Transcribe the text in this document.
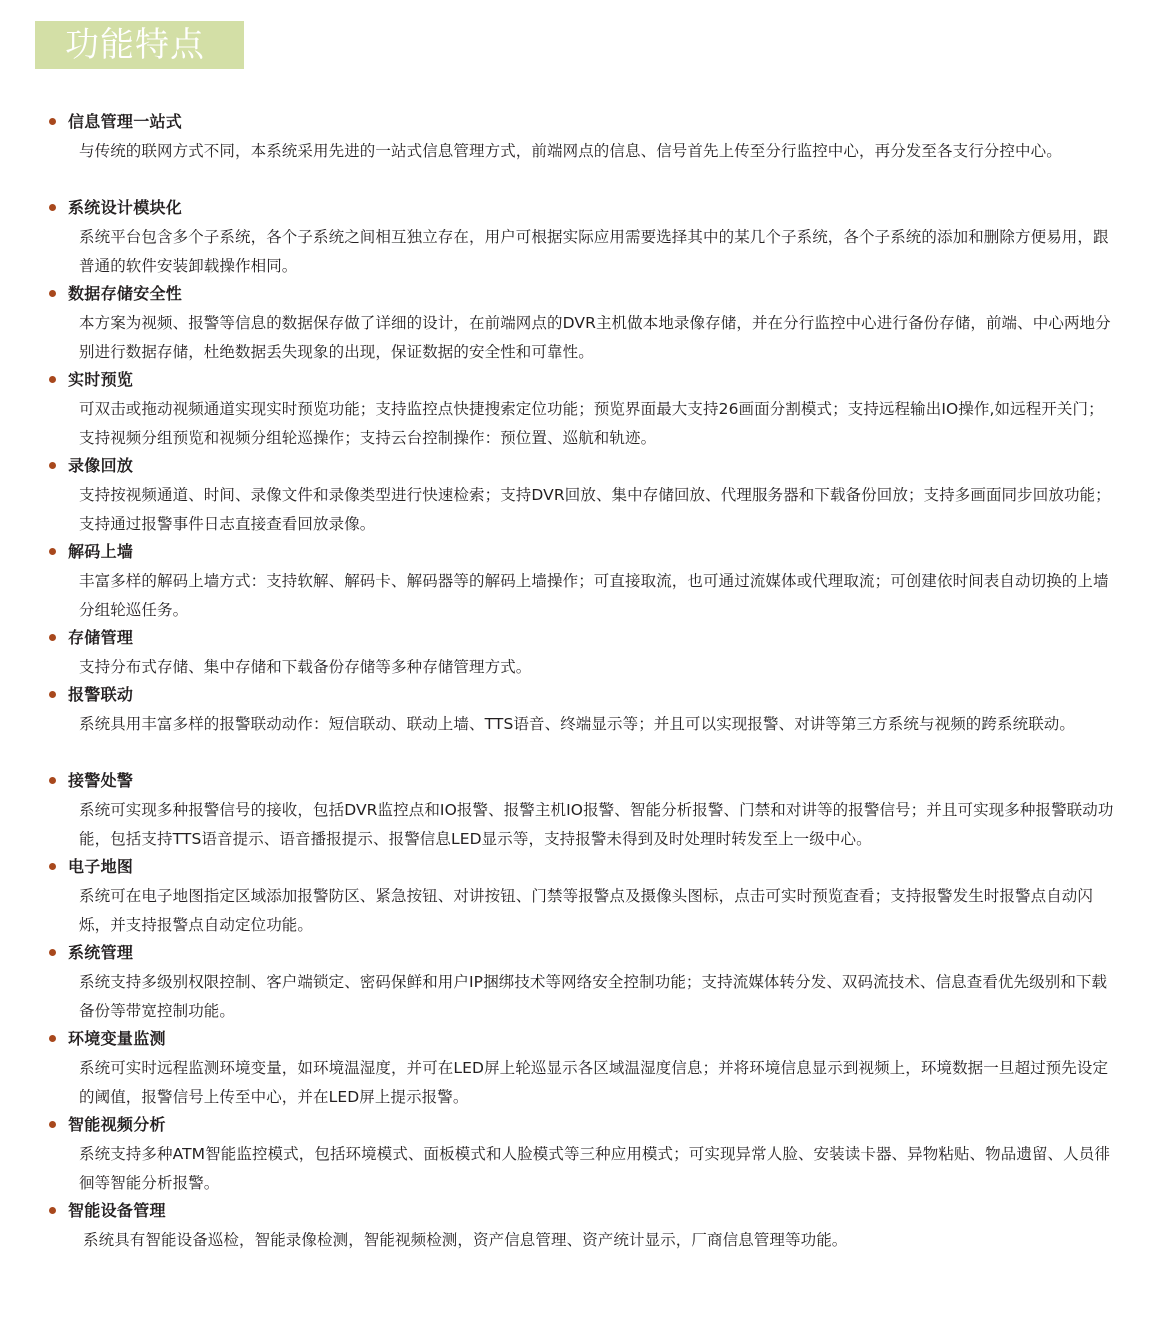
功能特点
信息管理一站式

与传统的联网方式不同，本系统采用先进的一站式信息管理方式，前端网点的信息、信号首先上传至分行监控中心，再分发至各支行分控中心。

系统设计模块化

系统平台包含多个子系统，各个子系统之间相互独立存在，用户可根据实际应用需要选择其中的某几个子系统，各个子系统的添加和删除方便易用，跟普通的软件安装卸载操作相同。

数据存储安全性

本方案为视频、报警等信息的数据保存做了详细的设计，在前端网点的DVR主机做本地录像存储，并在分行监控中心进行备份存储，前端、中心两地分别进行数据存储，杜绝数据丢失现象的出现，保证数据的安全性和可靠性。

实时预览

可双击或拖动视频通道实现实时预览功能；支持监控点快捷搜索定位功能；预览界面最大支持26画面分割模式；支持远程输出IO操作,如远程开关门；支持视频分组预览和视频分组轮巡操作；支持云台控制操作：预位置、巡航和轨迹。

录像回放

支持按视频通道、时间、录像文件和录像类型进行快速检索；支持DVR回放、集中存储回放、代理服务器和下载备份回放；支持多画面同步回放功能；支持通过报警事件日志直接查看回放录像。

解码上墙

丰富多样的解码上墙方式：支持软解、解码卡、解码器等的解码上墙操作；可直接取流，也可通过流媒体或代理取流；可创建依时间表自动切换的上墙分组轮巡任务。

存储管理

支持分布式存储、集中存储和下载备份存储等多种存储管理方式。

报警联动

系统具用丰富多样的报警联动动作：短信联动、联动上墙、TTS语音、终端显示等；并且可以实现报警、对讲等第三方系统与视频的跨系统联动。

接警处警

系统可实现多种报警信号的接收，包括DVR监控点和IO报警、报警主机IO报警、智能分析报警、门禁和对讲等的报警信号；并且可实现多种报警联动功能，包括支持TTS语音提示、语音播报提示、报警信息LED显示等，支持报警未得到及时处理时转发至上一级中心。

电子地图

系统可在电子地图指定区域添加报警防区、紧急按钮、对讲按钮、门禁等报警点及摄像头图标，点击可实时预览查看；支持报警发生时报警点自动闪烁，并支持报警点自动定位功能。

系统管理

系统支持多级别权限控制、客户端锁定、密码保鲜和用户IP捆绑技术等网络安全控制功能；支持流媒体转分发、双码流技术、信息查看优先级别和下载备份等带宽控制功能。

环境变量监测

系统可实时远程监测环境变量，如环境温湿度，并可在LED屏上轮巡显示各区域温湿度信息；并将环境信息显示到视频上，环境数据一旦超过预先设定的阈值，报警信号上传至中心，并在LED屏上提示报警。

智能视频分析

系统支持多种ATM智能监控模式，包括环境模式、面板模式和人脸模式等三种应用模式；可实现异常人脸、安装读卡器、异物粘贴、物品遗留、人员徘徊等智能分析报警。

智能设备管理

系统具有智能设备巡检，智能录像检测，智能视频检测，资产信息管理、资产统计显示，厂商信息管理等功能。
